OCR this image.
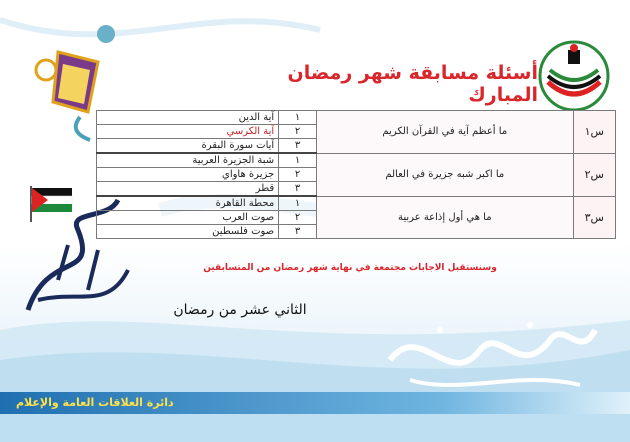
أسئلة مسابقة شهر رمضان المبارك
س١	ما أعظم آية في القرآن الكريم	١	آية الدين
		٢	آية الكرسي
		٣	آيات سورة البقرة
س٢	ما اكبر شبه جزيرة في العالم	١	شبة الجزيرة العربية
		٢	جزيرة هاواي
		٣	قطر
س٣	ما هي أول إذاعة عربية	١	محطة القاهرة
		٢	صوت العرب
		٣	صوت فلسطين
وسنستقبل الاجابات مجتمعة في نهاية شهر رمضان من المتسابقين
الثاني عشر من رمضان
دائرة العلاقات العامة والإعلام
